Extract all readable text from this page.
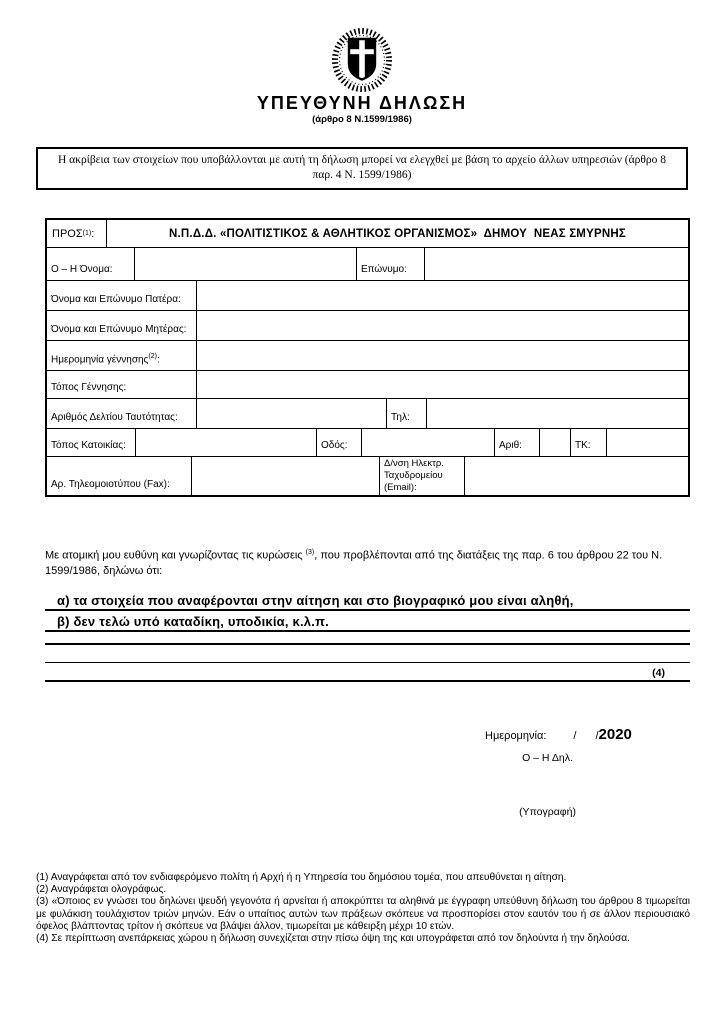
ΥΠΕΥΘΥΝΗ ΔΗΛΩΣΗ
(άρθρο 8 Ν.1599/1986)
Η ακρίβεια των στοιχείων που υποβάλλονται με αυτή τη δήλωση μπορεί να ελεγχθεί με βάση το αρχείο άλλων υπηρεσιών (άρθρο 8 παρ. 4 Ν. 1599/1986)
ΠΡΟΣ (1) :	Ν.Π.Δ.Δ. «ΠΟΛΙΤΙΣΤΙΚΟΣ & ΑΘΛΗΤΙΚΟΣ ΟΡΓΑΝΙΣΜΟΣ»  ΔΗΜΟΥ  ΝΕΑΣ ΣΜΥΡΝΗΣ
Ο – Η Όνομα:	Επώνυμο:
Όνομα και Επώνυμο Πατέρα:
Όνομα και Επώνυμο Μητέρας:
Ημερομηνία γέννησης$^{(2)}$:
Τόπος Γέννησης:
Αριθμός Δελτίου Ταυτότητας:	Τηλ:
Τόπος Κατοικίας:	Οδός:	Αριθ:	ΤΚ:
Αρ. Τηλεομοιοτύπου (Fax):
Δ/νση Ηλεκτρ. Ταχυδρομείου (Email):
Με ατομική μου ευθύνη και γνωρίζοντας τις κυρώσεις $^{(3)}$, που προβλέπονται από της διατάξεις της παρ. 6 του άρθρου 22 του Ν. 1599/1986, δηλώνω ότι:
α) τα στοιχεία που αναφέρονται στην αίτηση και στο βιογραφικό μου είναι αληθή,
β) δεν τελώ υπό καταδίκη, υποδικία, κ.λ.π.
(4)
Ημερομηνία: / /2020
Ο – Η Δηλ.
(Υπογραφή)
(1) Αναγράφεται από τον ενδιαφερόμενο πολίτη ή Αρχή ή η Υπηρεσία του δημόσιου τομέα, που απευθύνεται η αίτηση.
(2) Αναγράφεται ολογράφως.
(3) «Όποιος εν γνώσει του δηλώνει ψευδή γεγονότα ή αρνείται ή αποκρύπτει τα αληθινά με έγγραφη υπεύθυνη δήλωση του άρθρου 8 τιμωρείται με φυλάκιση τουλάχιστον τριών μηνών. Εάν ο υπαίτιος αυτών των πράξεων σκόπευε να προσπορίσει στον εαυτόν του ή σε άλλον περιουσιακό όφελος βλάπτοντας τρίτον ή σκόπευε να βλάψει άλλον, τιμωρείται με κάθειρξη μέχρι 10 ετών.
(4) Σε περίπτωση ανεπάρκειας χώρου η δήλωση συνεχίζεται στην πίσω όψη της και υπογράφεται από τον δηλούντα ή την δηλούσα.
